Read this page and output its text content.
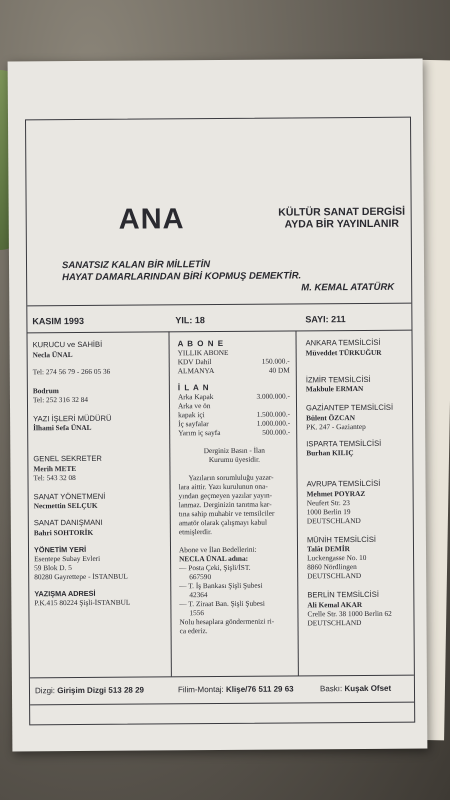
ANA	KÜLTÜR SANAT DERGİSİ
AYDA BİR YAYINLANIR
SANATSIZ KALAN BİR MİLLETİN
HAYAT DAMARLARINDAN BİRİ KOPMUŞ DEMEKTİR.
M. KEMAL ATATÜRK
KASIM 1993	YIL: 18	SAYI: 211
KURUCU ve SAHİBİ
Necla ÜNAL
Tel: 274 56 79 - 266 05 36
Bodrum
Tel: 252 316 32 84
YAZI İŞLERİ MÜDÜRÜ
İlhami Sefa ÜNAL
GENEL SEKRETER
Merih METE
Tel: 543 32 08
SANAT YÖNETMENİ
Necmettin SELÇUK
SANAT DANIŞMANI
Bahri SOHTORİK
YÖNETİM YERİ
Esentepe Subay Evleri
59 Blok D. 5
80280 Gayrettepe - İSTANBUL
YAZIŞMA ADRESİ
P.K.415 80224 Şişli-İSTANBUL
A B O N E
YILLIK ABONE
KDV Dahil	150.000.-
ALMANYA	40 DM
İ L A N
Arka Kapak	3.000.000.-
Arka ve ön
kapak içi	1.500.000.-
İç sayfalar	1.000.000.-
Yarım iç sayfa	500.000.-
Derginiz Basın - İlan
Kurumu üyesidir.
Yazıların sorumluluğu yazar-
lara aittir. Yazı kurulunun ona-
yından geçmeyen yazılar yayın-
lanmaz. Derginizin tanıtma kar-
tına sahip muhabir ve temsilciler
amatör olarak çalışmayı kabul
etmişlerdir.
Abone ve İlan Bedellerini:
NECLA ÜNAL adına:
— Posta Çeki, Şişli/İST.
667590
— T. İş Bankası Şişli Şubesi
42364
— T. Ziraat Ban. Şişli Şubesi
1556
Nolu hesaplara göndermenizi ri-
ca ederiz.
ANKARA TEMSİLCİSİ
Müveddet TÜRKUĞUR
İZMİR TEMSİLCİSİ
Makbule ERMAN
GAZİANTEP TEMSİLCİSİ
Bülent ÖZCAN
PK. 247 - Gaziantep
ISPARTA TEMSİLCİSİ
Burhan KILIÇ
AVRUPA TEMSİLCİSİ
Mehmet POYRAZ
Neufert Str. 23
1000 Berlin 19
DEUTSCHLAND
MÜNİH TEMSİLCİSİ
Talât DEMİR
Luckengasse No. 10
8860 Nördlingen
DEUTSCHLAND
BERLİN TEMSİLCİSİ
Ali Kemal AKAR
Crelle Str. 38 1000 Berlin 62
DEUTSCHLAND
Dizgi: Girişim Dizgi 513 28 29	Filim-Montaj: Klişe/76 511 29 63	Baskı: Kuşak Ofset
